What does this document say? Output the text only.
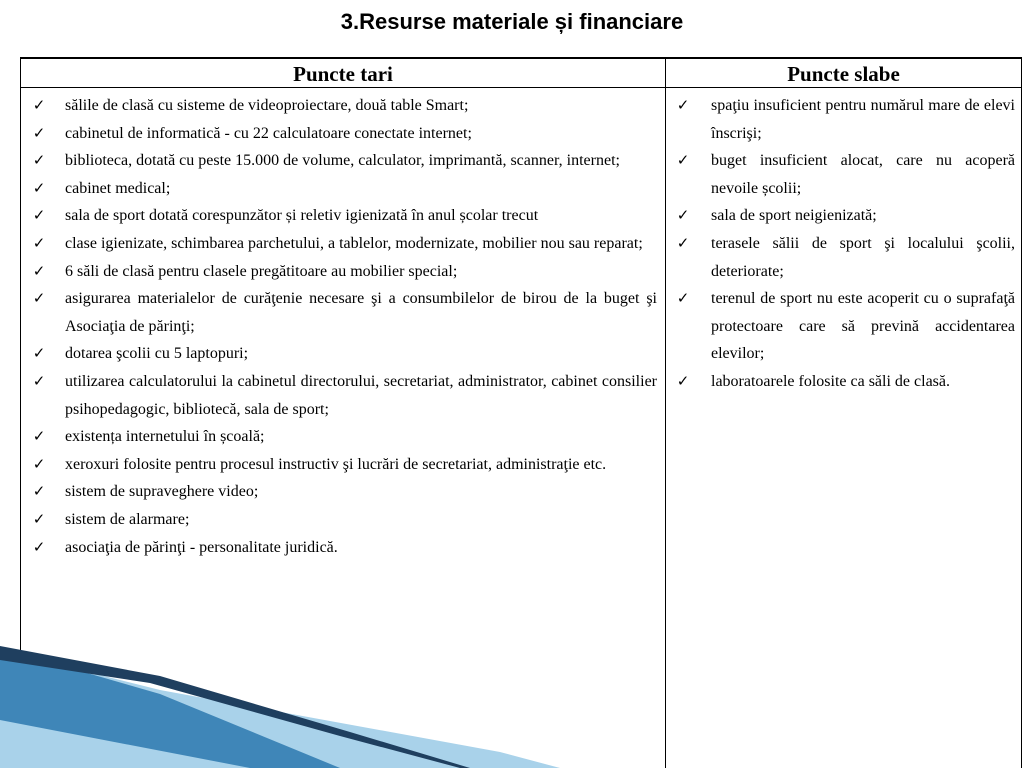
3.Resurse materiale și financiare
Puncte tari	Puncte slabe
✓ sălile de clasă cu sisteme de videoproiectare, două table Smart;
✓ cabinetul de informatică - cu 22 calculatoare conectate internet;
✓ biblioteca, dotată cu peste 15.000 de volume, calculator, imprimantă, scanner, internet;
✓ cabinet medical;
✓ sala de sport dotată corespunzător și reletiv igienizată în anul școlar trecut
✓ clase igienizate, schimbarea parchetului, a tablelor, modernizate, mobilier nou sau reparat;
✓ 6 săli de clasă pentru clasele pregătitoare au mobilier special;
✓ asigurarea materialelor de curăţenie necesare şi a consumbilelor de birou de la buget şi Asociaţia de părinţi;
✓ dotarea şcolii cu 5 laptopuri;
✓ utilizarea calculatorului la cabinetul directorului, secretariat, administrator, cabinet consilier psihopedagogic, bibliotecă, sala de sport;
✓ existența internetului în școală;
✓ xeroxuri folosite pentru procesul instructiv şi lucrări de secretariat, administraţie etc.
✓ sistem de supraveghere video;
✓ sistem de alarmare;
✓ asociaţia de părinţi - personalitate juridică.
✓ spaţiu insuficient pentru numărul mare de elevi înscrişi;
✓ buget insuficient alocat, care nu acoperă nevoile școlii;
✓ sala de sport neigienizată;
✓ terasele sălii de sport şi localului şcolii, deteriorate;
✓ terenul de sport nu este acoperit cu o suprafaţă protectoare care să prevină accidentarea elevilor;
✓ laboratoarele folosite ca săli de clasă.
